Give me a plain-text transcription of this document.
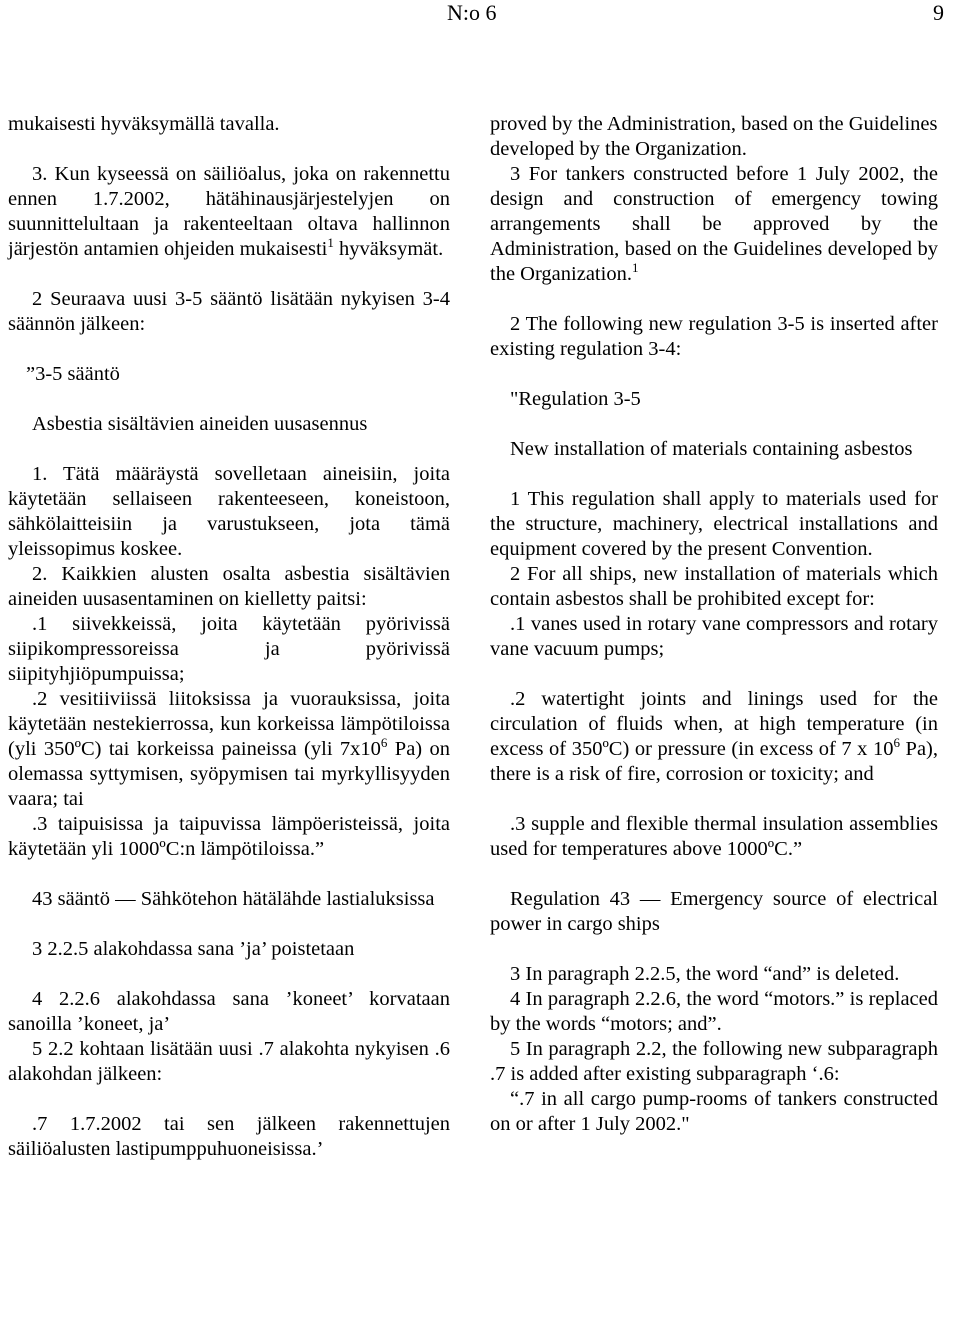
N:o 6	9

mukaisesti hyväksymällä tavalla.

3. Kun kyseessä on säiliöalus, joka on rakennettu ennen 1.7.2002, hätähinausjärjestelyjen on suunnittelultaan ja rakenteeltaan oltava hallinnon järjestön antamien ohjeiden mukaisesti$^1$ hyväksymät.

2 Seuraava uusi 3-5 sääntö lisätään nykyisen 3-4 säännön jälkeen:

”3-5 sääntö

Asbestia sisältävien aineiden uusasennus

1. Tätä määräystä sovelletaan aineisiin, joita käytetään sellaiseen rakenteeseen, koneistoon, sähkölaitteisiin ja varustukseen, jota tämä yleissopimus koskee.

2. Kaikkien alusten osalta asbestia sisältävien aineiden uusasentaminen on kielletty paitsi:

.1 siivekkeissä, joita käytetään pyörivissä siipikompressoreissa ja pyörivissä siipityhjiöpumpuissa;

.2 vesitiiviissä liitoksissa ja vuorauksissa, joita käytetään nestekierrossa, kun korkeissa lämpötiloissa (yli 350ºC) tai korkeissa paineissa (yli $7x10^6$ Pa) on olemassa syttymisen, syöpymisen tai myrkyllisyyden vaara; tai

.3 taipuisissa ja taipuvissa lämpöeristeissä, joita käytetään yli 1000ºC:n lämpötiloissa.”

43 sääntö — Sähkötehon hätälähde lastialuksissa

3 2.2.5 alakohdassa sana ’ja’ poistetaan

4 2.2.6 alakohdassa sana ’koneet’ korvataan sanoilla ’koneet, ja’

5 2.2 kohtaan lisätään uusi .7 alakohta nykyisen .6 alakohdan jälkeen:

.7 1.7.2002 tai sen jälkeen rakennettujen säiliöalusten lastipumppuhuoneisissa.’

proved by the Administration, based on the Guidelines developed by the Organization.

3 For tankers constructed before 1 July 2002, the design and construction of emergency towing arrangements shall be approved by the Administration, based on the Guidelines developed by the Organization.$^1$

2 The following new regulation 3-5 is inserted after existing regulation 3-4:

"Regulation 3-5

New installation of materials containing asbestos

1 This regulation shall apply to materials used for the structure, machinery, electrical installations and equipment covered by the present Convention.

2 For all ships, new installation of materials which contain asbestos shall be prohibited except for:

.1 vanes used in rotary vane compressors and rotary vane vacuum pumps;

.2 watertight joints and linings used for the circulation of fluids when, at high temperature (in excess of 350ºC) or pressure (in excess of 7 x $10^6$ Pa), there is a risk of fire, corrosion or toxicity; and

.3 supple and flexible thermal insulation assemblies used for temperatures above 1000ºC.”

Regulation 43 — Emergency source of electrical power in cargo ships

3 In paragraph 2.2.5, the word “and” is deleted.

4 In paragraph 2.2.6, the word “motors.” is replaced by the words “motors; and”.

5 In paragraph 2.2, the following new subparagraph .7 is added after existing subparagraph ‘.6:

“.7 in all cargo pump-rooms of tankers constructed on or after 1 July 2002."
